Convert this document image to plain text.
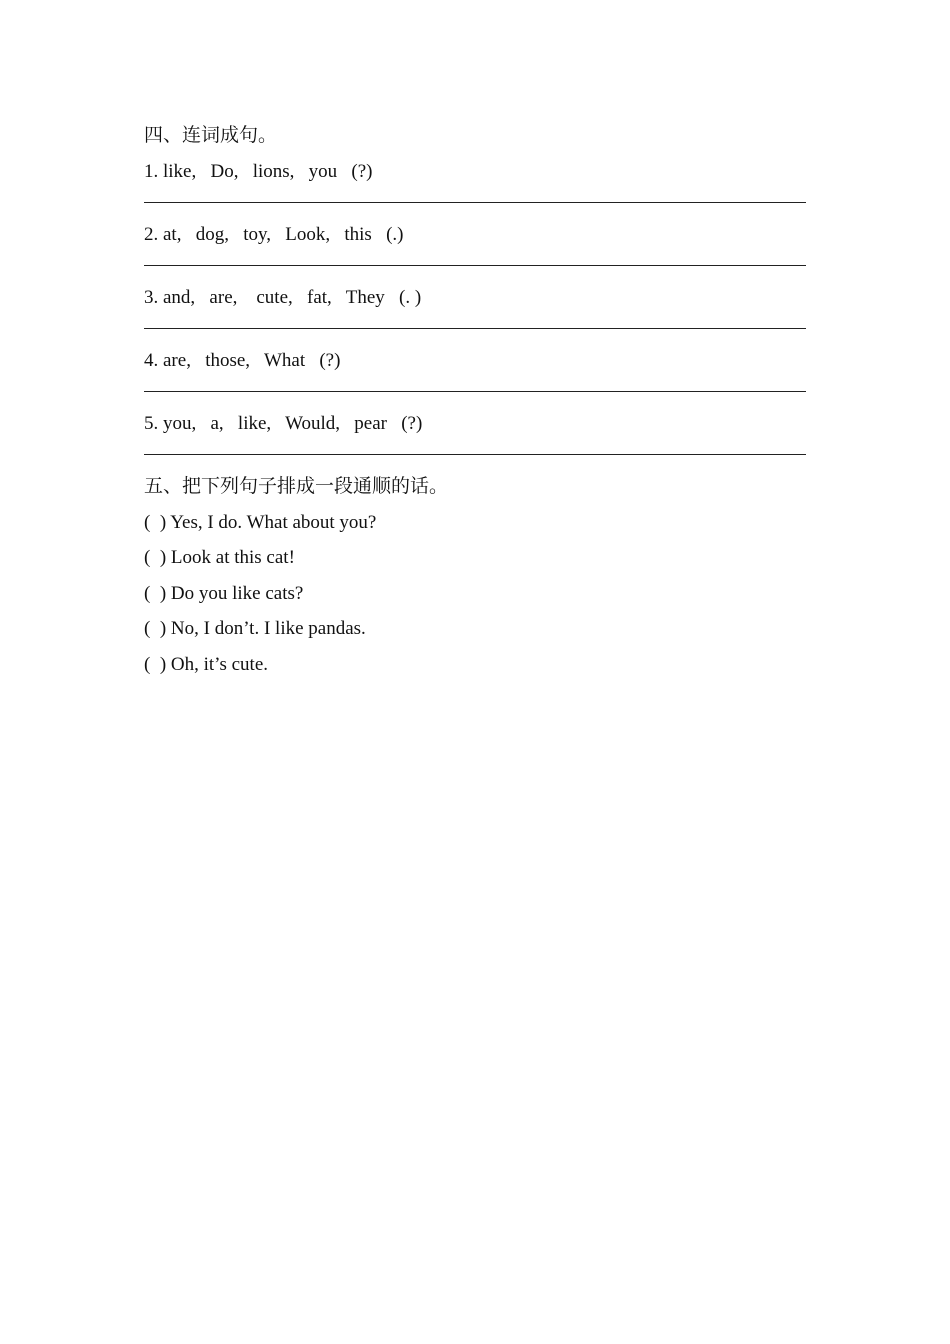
四、连词成句。
1. like,   Do,   lions,   you   (?)
2. at,   dog,   toy,   Look,   this   (.)
3. and,   are,    cute,   fat,   They   (. )
4. are,   those,   What   (?)
5. you,   a,   like,   Would,   pear   (?)
五、把下列句子排成一段通顺的话。
(  ) Yes, I do. What about you?
(  ) Look at this cat!
(  ) Do you like cats?
(  ) No, I don’t. I like pandas.
(  ) Oh, it’s cute.
